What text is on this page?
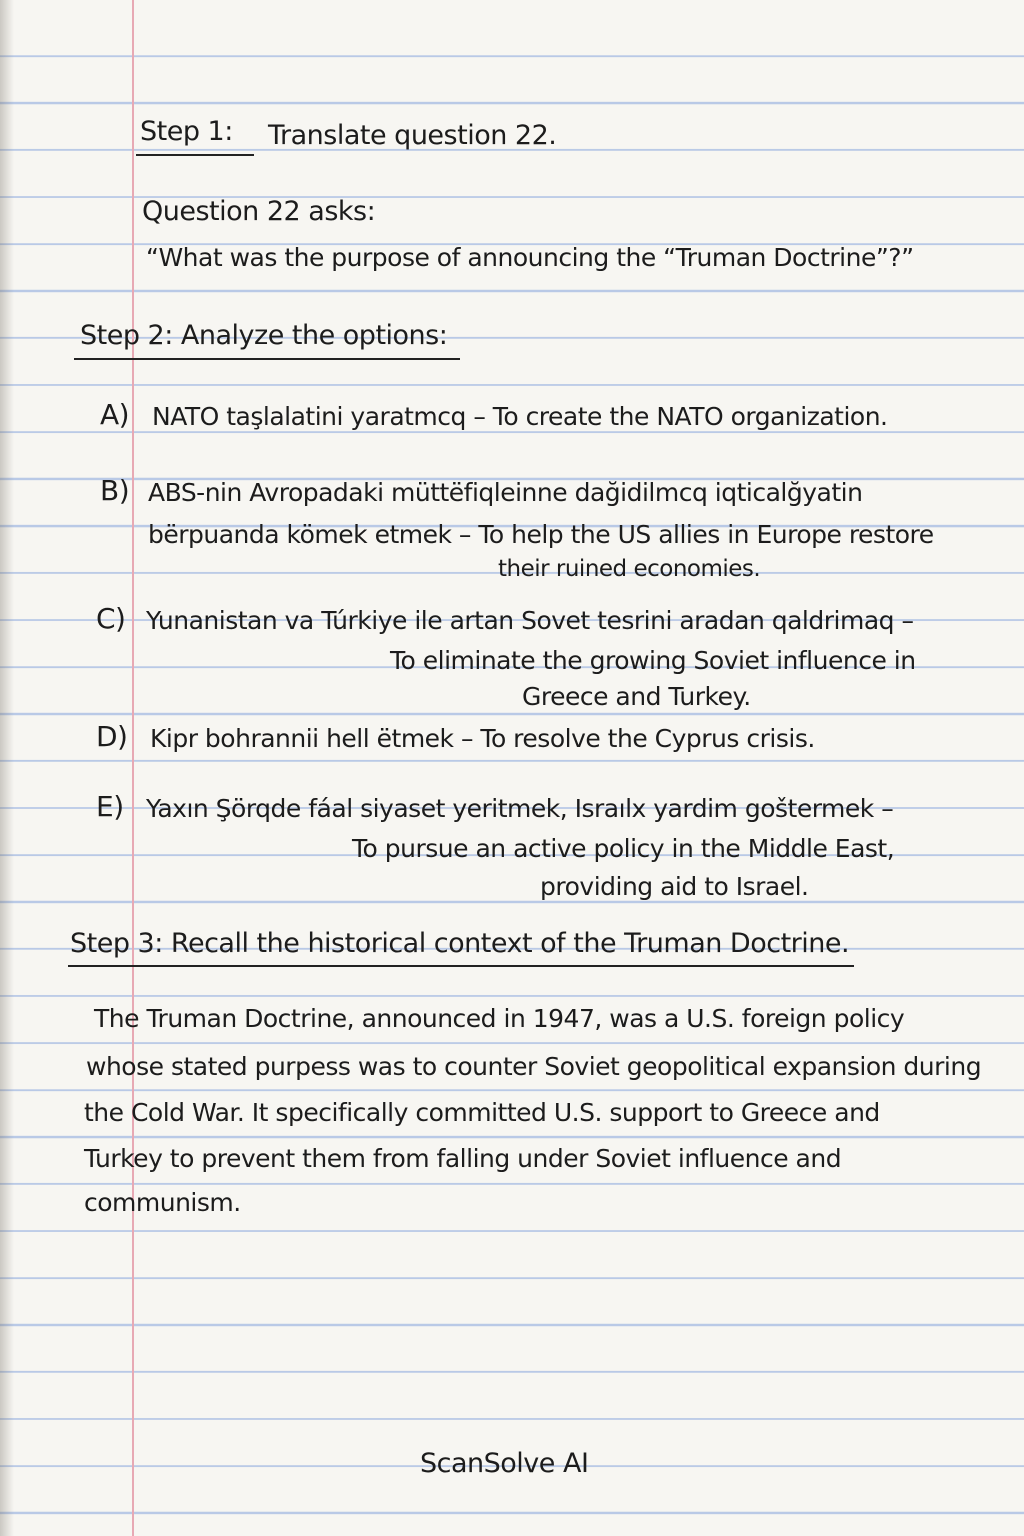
Step 1: Translate question 22.

Question 22 asks:

“What was the purpose of announcing the “Truman Doctrine”?”

Step 2: Analyze the options:

A) NATO taşlalatini yaratmcq – To create the NATO organization.

B) ABS-nin Avropadaki müttëfiqleinne dağidilmcq iqticalğyatin

bërpuanda kömek etmek – To help the US allies in Europe restore

their ruined economies.

C) Yunanistan va Túrkiye ile artan Sovet tesrini aradan qaldrimaq –

To eliminate the growing Soviet influence in

Greece and Turkey.

D) Kipr bohrannii hell ëtmek – To resolve the Cyprus crisis.

E) Yaxın Şörqde fáal siyaset yeritmek, Israılx yardim goštermek –

To pursue an active policy in the Middle East,

providing aid to Israel.

Step 3: Recall the historical context of the Truman Doctrine.

The Truman Doctrine, announced in 1947, was a U.S. foreign policy

whose stated purpess was to counter Soviet geopolitical expansion during

the Cold War. It specifically committed U.S. support to Greece and

Turkey to prevent them from falling under Soviet influence and

communism.

ScanSolve AI
